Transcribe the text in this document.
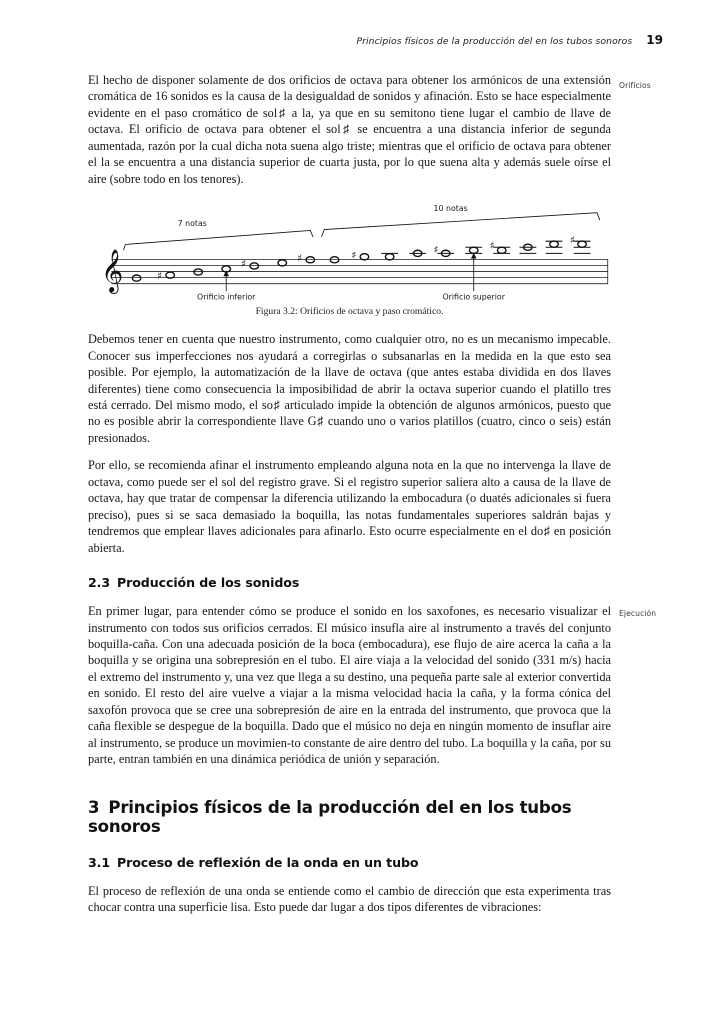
Principios físicos de la producción del en los tubos sonoros 19
Orificios
Ejecución

El hecho de disponer solamente de dos orificios de octava para obtener los armónicos de una extensión cromática de 16 sonidos es la causa de la desigualdad de sonidos y afinación. Esto se hace especialmente evidente en el paso cromático de sol♯ a la, ya que en su semitono tiene lugar el cambio de llave de octava. El orificio de octava para obtener el sol♯ se encuentra a una distancia inferior de segunda aumentada, razón por la cual dicha nota suena algo triste; mientras que el orificio de octava para obtener el la se encuentra a una distancia superior de cuarta justa, por lo que suena alta y además suele oírse el aire (sobre todo en los tenores).

𝄞
7 notas
10 notas
♯
♯	♯	♯	♯	♯	♯
Orificio inferior	Orificio superior
Figura 3.2: Orificios de octava y paso cromático.

Debemos tener en cuenta que nuestro instrumento, como cualquier otro, no es un mecanismo impecable. Conocer sus imperfecciones nos ayudará a corregirlas o subsanarlas en la medida en la que esto sea posible. Por ejemplo, la automatización de la llave de octava (que antes estaba dividida en dos llaves diferentes) tiene como consecuencia la imposibilidad de abrir la octava superior cuando el platillo tres está cerrado. Del mismo modo, el so♯ articulado impide la obtención de algunos armónicos, puesto que no es posible abrir la correspondiente llave G♯ cuando uno o varios platillos (cuatro, cinco o seis) están presionados.

Por ello, se recomienda afinar el instrumento empleando alguna nota en la que no intervenga la llave de octava, como puede ser el sol del registro grave. Si el registro superior saliera alto a causa de la llave de octava, hay que tratar de compensar la diferencia utilizando la embocadura (o duatés adicionales si fuera preciso), pues si se saca demasiado la boquilla, las notas fundamentales superiores saldrán bajas y tendremos que emplear llaves adicionales para afinarlo. Esto ocurre especialmente en el do♯ en posición abierta.

2.3 Producción de los sonidos

En primer lugar, para entender cómo se produce el sonido en los saxofones, es necesario visualizar el instrumento con todos sus orificios cerrados. El músico insufla aire al instrumento a través del conjunto boquilla-caña. Con una adecuada posición de la boca (embocadura), ese flujo de aire acerca la caña a la boquilla y se origina una sobrepresión en el tubo. El aire viaja a la velocidad del sonido (331 m/s) hacia el extremo del instrumento y, una vez que llega a su destino, una pequeña parte sale al exterior convertida en sonido. El resto del aire vuelve a viajar a la misma velocidad hacia la caña, y la forma cónica del saxofón provoca que se cree una sobrepresión de aire en la entrada del instrumento, que provoca que la caña flexible se despegue de la boquilla. Dado que el músico no deja en ningún momento de insuflar aire al instrumento, se produce un movimien-to constante de aire dentro del tubo. La boquilla y la caña, por su parte, entran también en una dinámica periódica de unión y separación.

3 Principios físicos de la producción del en los tubos sonoros
3.1 Proceso de reflexión de la onda en un tubo

El proceso de reflexión de una onda se entiende como el cambio de dirección que esta experimenta tras chocar contra una superficie lisa. Esto puede dar lugar a dos tipos diferentes de vibraciones:
